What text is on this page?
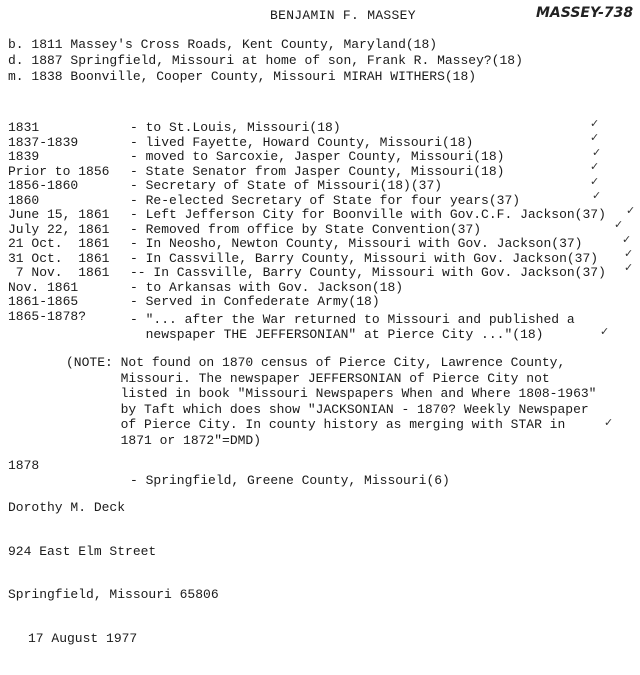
BENJAMIN F. MASSEY	MASSEY-738
b. 1811 Massey's Cross Roads, Kent County, Maryland(18)
d. 1887 Springfield, Missouri at home of son, Frank R. Massey?(18)
m. 1838 Boonville, Cooper County, Missouri MIRAH WITHERS(18)
1831	- to St.Louis, Missouri(18)
1837-1839	- lived Fayette, Howard County, Missouri(18)
1839	- moved to Sarcoxie, Jasper County, Missouri(18)
Prior to 1856 - State Senator from Jasper County, Missouri(18)
1856-1860	- Secretary of State of Missouri(18)(37)
1860	- Re-elected Secretary of State for four years(37)
June 15, 1861 - Left Jefferson City for Boonville with Gov.C.F. Jackson(37)
July 22, 1861 - Removed from office by State Convention(37)
21 Oct.  1861 - In Neosho, Newton County, Missouri with Gov. Jackson(37)
31 Oct.  1861 - In Cassville, Barry County, Missouri with Gov. Jackson(37)
7 Nov.  1861 -- In Cassville, Barry County, Missouri with Gov. Jackson(37)
Nov. 1861	- to Arkansas with Gov. Jackson(18)
1861-1865	- Served in Confederate Army(18)
1865-1878?	- "... after the War returned to Missouri and published a
newspaper THE JEFFERSONIAN" at Pierce City ..."(18)
(NOTE: Not found on 1870 census of Pierce City, Lawrence County,
Missouri. The newspaper JEFFERSONIAN of Pierce City not
listed in book "Missouri Newspapers When and Where 1808-1963"
by Taft which does show "JACKSONIAN - 1870? Weekly Newspaper
of Pierce City. In county history as merging with STAR in
1871 or 1872"=DMD)

1878

- Springfield, Greene County, Missouri(6)

Dorothy M. Deck

924 East Elm Street

Springfield, Missouri 65806

17 August 1977

✓
✓
✓
✓
✓
✓
✓
✓
✓
✓
✓
✓
✓
